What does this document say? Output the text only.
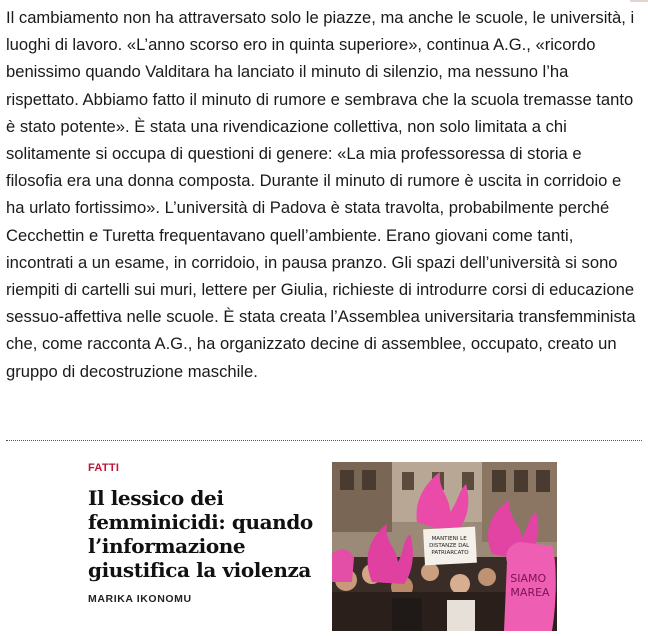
Il cambiamento non ha attraversato solo le piazze, ma anche le scuole, le università, i luoghi di lavoro. «L’anno scorso ero in quinta superiore», continua A.G., «ricordo benissimo quando Valditara ha lanciato il minuto di silenzio, ma nessuno l’ha rispettato. Abbiamo fatto il minuto di rumore e sembrava che la scuola tremasse tanto è stato potente». È stata una rivendicazione collettiva, non solo limitata a chi solitamente si occupa di questioni di genere: «La mia professoressa di storia e filosofia era una donna composta. Durante il minuto di rumore è uscita in corridoio e ha urlato fortissimo». L’università di Padova è stata travolta, probabilmente perché Cecchettin e Turetta frequentavano quell’ambiente. Erano giovani come tanti, incontrati a un esame, in corridoio, in pausa pranzo. Gli spazi dell’università si sono riempiti di cartelli sui muri, lettere per Giulia, richieste di introdurre corsi di educazione sessuo-affettiva nelle scuole. È stata creata l’Assemblea universitaria transfemminista che, come racconta A.G., ha organizzato decine di assemblee, occupato, creato un gruppo di decostruzione maschile.

FATTI
Il lessico dei femminicidi: quando l’informazione giustifica la violenza
MARIKA IKONOMU
MANTIENI LE DISTANZE DAL PATRIARCATO
SIAMO MAREA
